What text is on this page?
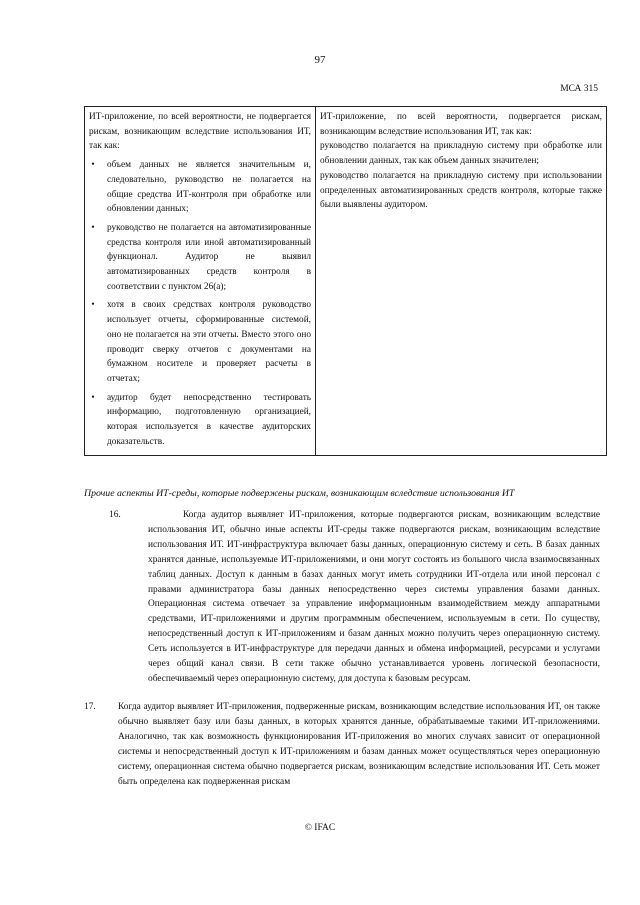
97

МСА 315

ИТ-приложение, по всей вероятности, не подвергается рискам, возникающим вследствие использования ИТ, так как:

• объем данных не является значительным и, следовательно, руководство не полагается на общие средства ИТ-контроля при обработке или обновлении данных;
• руководство не полагается на автоматизированные средства контроля или иной автоматизированный функционал. Аудитор не выявил автоматизированных средств контроля в соответствии с пунктом 26(а);
• хотя в своих средствах контроля руководство использует отчеты, сформированные системой, оно не полагается на эти отчеты. Вместо этого оно проводит сверку отчетов с документами на бумажном носителе и проверяет расчеты в отчетах;
• аудитор будет непосредственно тестировать информацию, подготовленную организацией, которая используется в качестве аудиторских доказательств.

ИТ-приложение, по всей вероятности, подвергается рискам, возникающим вследствие использования ИТ, так как:

руководство полагается на прикладную систему при обработке или обновлении данных, так как объем данных значителен;

руководство полагается на прикладную систему при использовании определенных автоматизированных средств контроля, которые также были выявлены аудитором.

Прочие аспекты ИТ-среды, которые подвержены рискам, возникающим вследствие использования ИТ

16.	Когда аудитор выявляет ИТ-приложения, которые подвергаются рискам, возникающим вследствие использования ИТ, обычно иные аспекты ИТ-среды также подвергаются рискам, возникающим вследствие использования ИТ. ИТ-инфраструктура включает базы данных, операционную систему и сеть. В базах данных хранятся данные, используемые ИТ-приложениями, и они могут состоять из большого числа взаимосвязанных таблиц данных. Доступ к данным в базах данных могут иметь сотрудники ИТ-отдела или иной персонал с правами администратора базы данных непосредственно через системы управления базами данных. Операционная система отвечает за управление информационным взаимодействием между аппаратными средствами, ИТ-приложениями и другим программным обеспечением, используемым в сети. По существу, непосредственный доступ к ИТ-приложениям и базам данных можно получить через операционную систему. Сеть используется в ИТ-инфраструктуре для передачи данных и обмена информацией, ресурсами и услугами через общий канал связи. В сети также обычно устанавливается уровень логической безопасности, обеспечиваемый через операционную систему, для доступа к базовым ресурсам.
17.	Когда аудитор выявляет ИТ-приложения, подверженные рискам, возникающим вследствие использования ИТ, он также обычно выявляет базу или базы данных, в которых хранятся данные, обрабатываемые такими ИТ-приложениями. Аналогично, так как возможность функционирования ИТ-приложения во многих случаях зависит от операционной системы и непосредственный доступ к ИТ-приложениям и базам данных может осуществляться через операционную систему, операционная система обычно подвергается рискам, возникающим вследствие использования ИТ. Сеть может быть определена как подверженная рискам

© IFAC
